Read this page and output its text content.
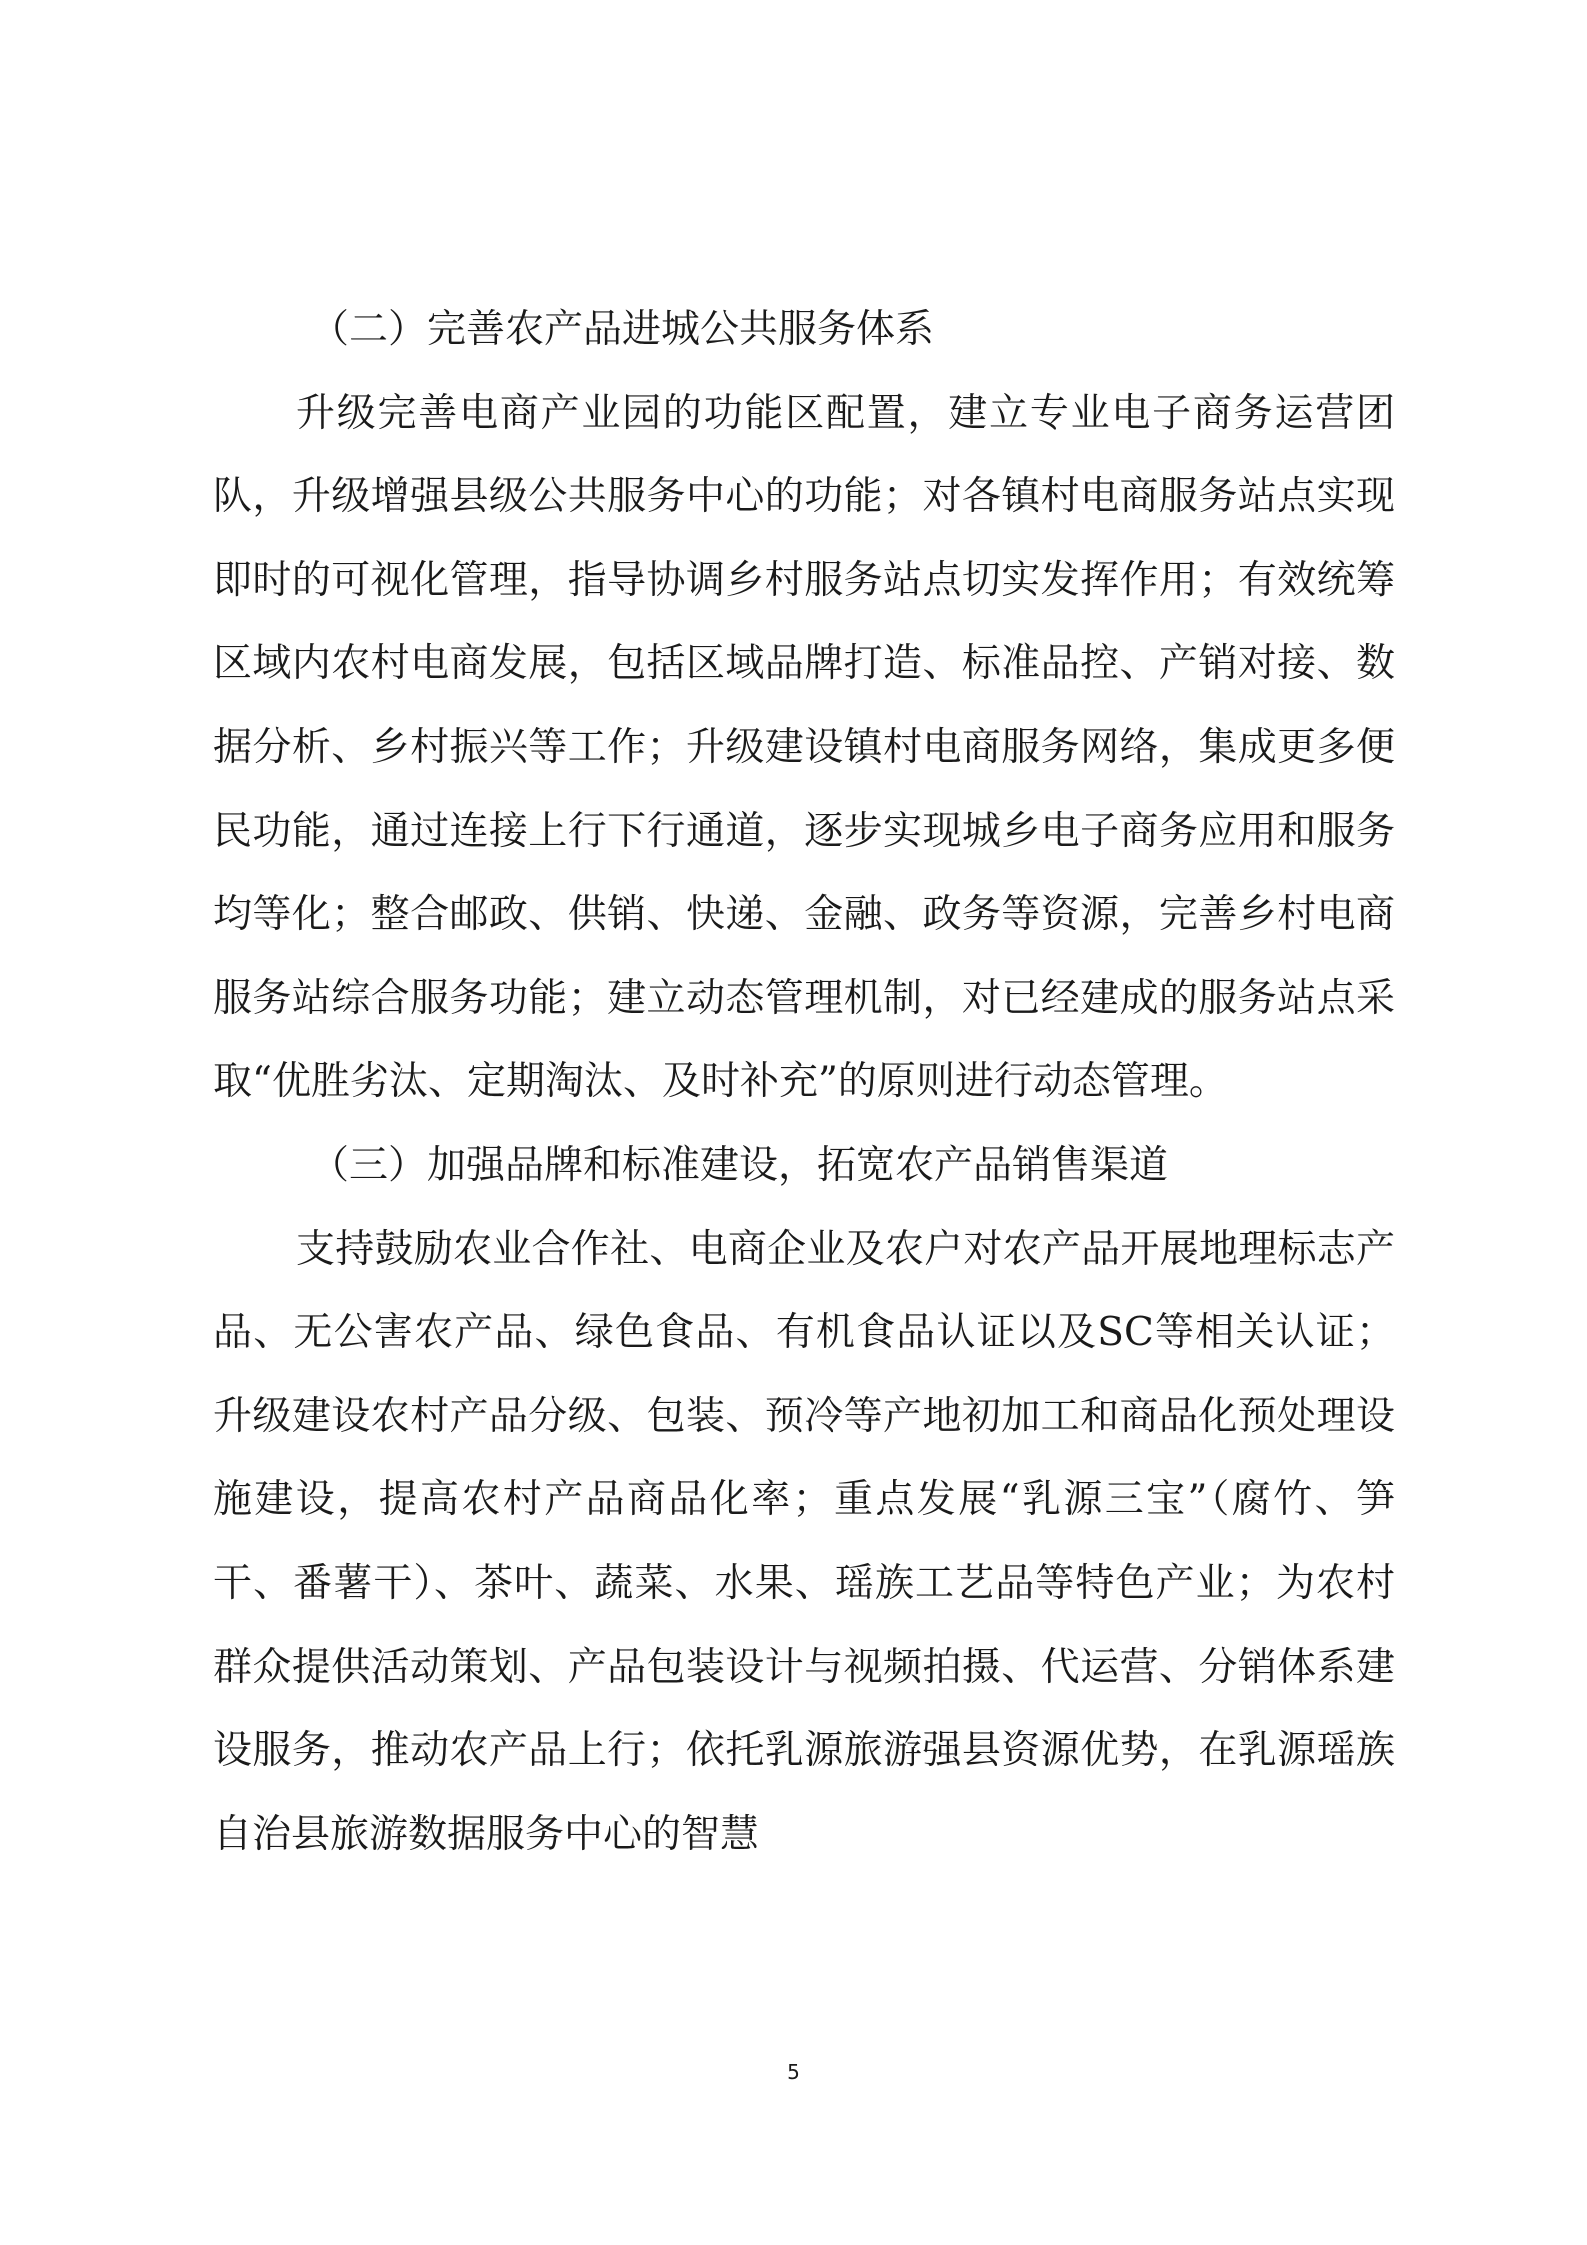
（二）完善农产品进城公共服务体系

升级完善电商产业园的功能区配置，建立专业电子商务运营团队，升级增强县级公共服务中心的功能；对各镇村电商服务站点实现即时的可视化管理，指导协调乡村服务站点切实发挥作用；有效统筹区域内农村电商发展，包括区域品牌打造、标准品控、产销对接、数据分析、乡村振兴等工作；升级建设镇村电商服务网络，集成更多便民功能，通过连接上行下行通道，逐步实现城乡电子商务应用和服务均等化；整合邮政、供销、快递、金融、政务等资源，完善乡村电商服务站综合服务功能；建立动态管理机制，对已经建成的服务站点采取“优胜劣汰、定期淘汰、及时补充”的原则进行动态管理。

（三）加强品牌和标准建设，拓宽农产品销售渠道

支持鼓励农业合作社、电商企业及农户对农产品开展地理标志产品、无公害农产品、绿色食品、有机食品认证以及SC等相关认证；升级建设农村产品分级、包装、预冷等产地初加工和商品化预处理设施建设，提高农村产品商品化率；重点发展“乳源三宝”（腐竹、笋干、番薯干）、茶叶、蔬菜、水果、瑶族工艺品等特色产业；为农村群众提供活动策划、产品包装设计与视频拍摄、代运营、分销体系建设服务，推动农产品上行；依托乳源旅游强县资源优势，在乳源瑶族自治县旅游数据服务中心的智慧

5
